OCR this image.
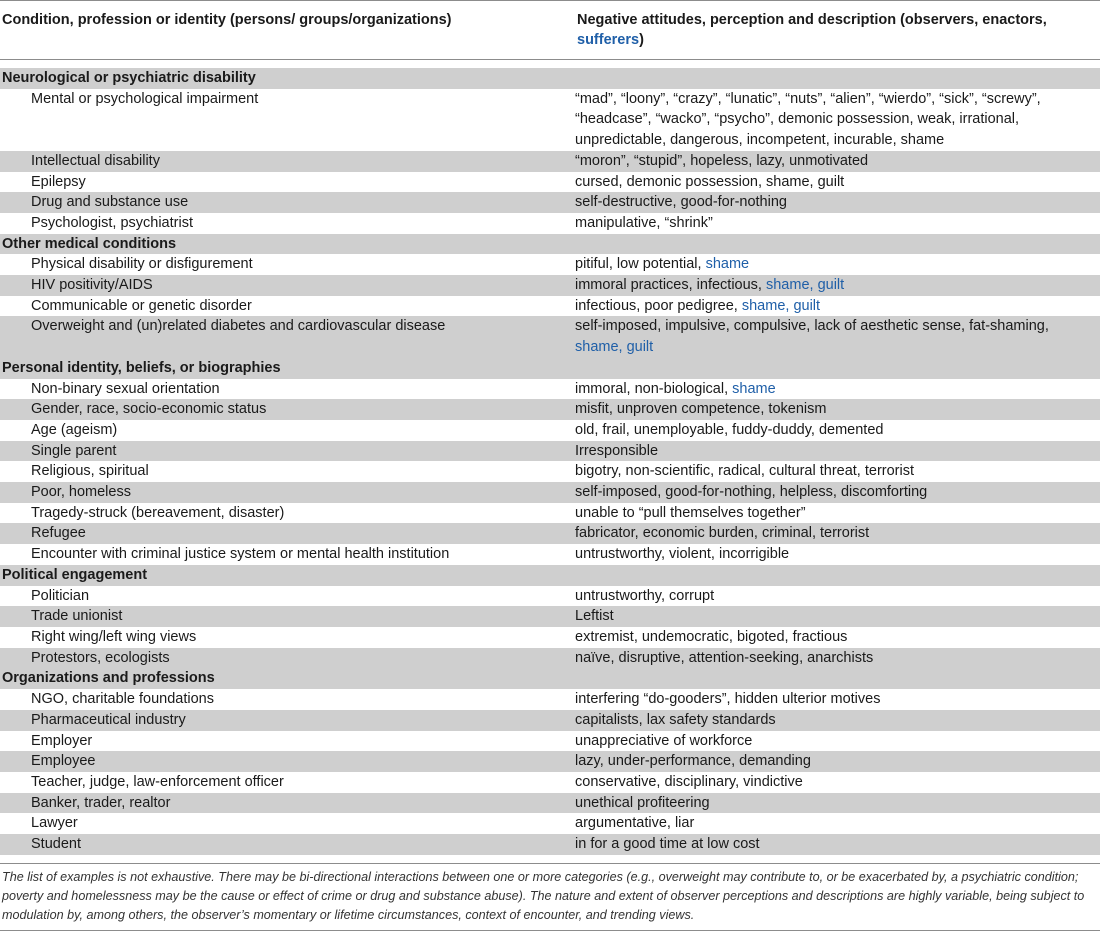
Condition, profession or identity (persons/ groups/organizations)	Negative attitudes, perception and description (observers, enactors, sufferers)
Neurological or psychiatric disability
Mental or psychological impairment	“mad”, “loony”, “crazy”, “lunatic”, “nuts”, “alien”, “wierdo”, “sick”, “screwy”, “headcase”, “wacko”, “psycho”, demonic possession, weak, irrational, unpredictable, dangerous, incompetent, incurable, shame
Intellectual disability	“moron”, “stupid”, hopeless, lazy, unmotivated
Epilepsy	cursed, demonic possession, shame, guilt
Drug and substance use	self-destructive, good-for-nothing
Psychologist, psychiatrist	manipulative, “shrink”
Other medical conditions
Physical disability or disfigurement	pitiful, low potential, shame
HIV positivity/AIDS	immoral practices, infectious, shame, guilt
Communicable or genetic disorder	infectious, poor pedigree, shame, guilt
Overweight and (un)related diabetes and cardiovascular disease	self-imposed, impulsive, compulsive, lack of aesthetic sense, fat-shaming, shame, guilt
Personal identity, beliefs, or biographies
Non-binary sexual orientation	immoral, non-biological, shame
Gender, race, socio-economic status	misfit, unproven competence, tokenism
Age (ageism)	old, frail, unemployable, fuddy-duddy, demented
Single parent	Irresponsible
Religious, spiritual	bigotry, non-scientific, radical, cultural threat, terrorist
Poor, homeless	self-imposed, good-for-nothing, helpless, discomforting
Tragedy-struck (bereavement, disaster)	unable to “pull themselves together”
Refugee	fabricator, economic burden, criminal, terrorist
Encounter with criminal justice system or mental health institution	untrustworthy, violent, incorrigible
Political engagement
Politician	untrustworthy, corrupt
Trade unionist	Leftist
Right wing/left wing views	extremist, undemocratic, bigoted, fractious
Protestors, ecologists	naïve, disruptive, attention-seeking, anarchists
Organizations and professions
NGO, charitable foundations	interfering “do-gooders”, hidden ulterior motives
Pharmaceutical industry	capitalists, lax safety standards
Employer	unappreciative of workforce
Employee	lazy, under-performance, demanding
Teacher, judge, law-enforcement officer	conservative, disciplinary, vindictive
Banker, trader, realtor	unethical profiteering
Lawyer	argumentative, liar
Student	in for a good time at low cost
The list of examples is not exhaustive. There may be bi-directional interactions between one or more categories (e.g., overweight may contribute to, or be exacerbated by, a psychiatric condition; poverty and homelessness may be the cause or effect of crime or drug and substance abuse). The nature and extent of observer perceptions and descriptions are highly variable, being subject to modulation by, among others, the observer’s momentary or lifetime circumstances, context of encounter, and trending views.
